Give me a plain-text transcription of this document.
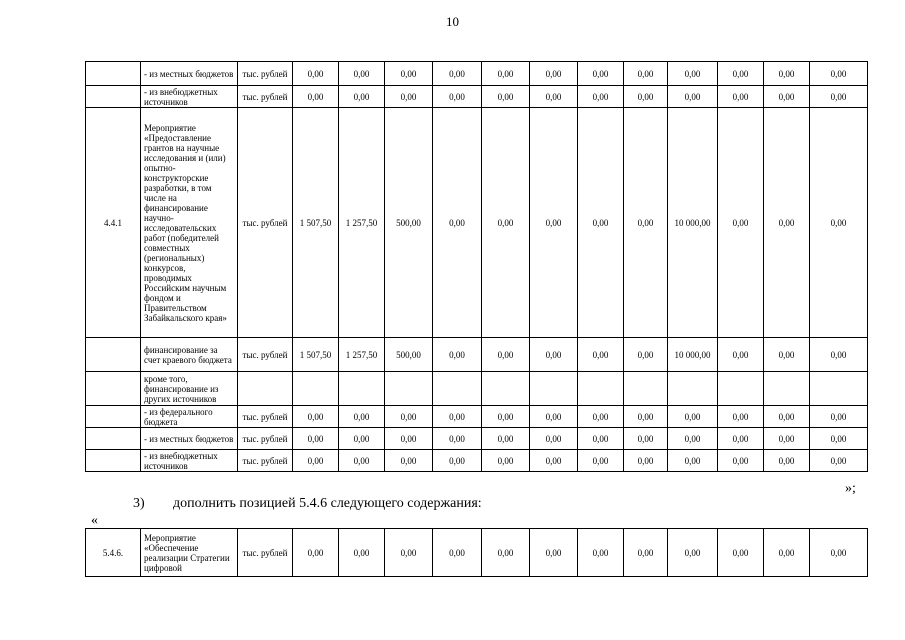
10
	- из местных бюджетов	тыс. рублей	0,00	0,00	0,00	0,00	0,00	0,00	0,00	0,00	0,00	0,00	0,00	0,00
	- из внебюджетных источников	тыс. рублей	0,00	0,00	0,00	0,00	0,00	0,00	0,00	0,00	0,00	0,00	0,00	0,00
4.4.1	Мероприятие «Предоставление грантов на научные исследования и (или) опытно-конструкторские разработки, в том числе на финансирование научно-исследовательских работ (победителей совместных (региональных) конкурсов, проводимых Российским научным фондом и Правительством Забайкальского края»	тыс. рублей	1 507,50	1 257,50	500,00	0,00	0,00	0,00	0,00	0,00	10 000,00	0,00	0,00	0,00
	финансирование за счет краевого бюджета	тыс. рублей	1 507,50	1 257,50	500,00	0,00	0,00	0,00	0,00	0,00	10 000,00	0,00	0,00	0,00
	кроме того, финансирование из других источников													
	- из федерального бюджета	тыс. рублей	0,00	0,00	0,00	0,00	0,00	0,00	0,00	0,00	0,00	0,00	0,00	0,00
	- из местных бюджетов	тыс. рублей	0,00	0,00	0,00	0,00	0,00	0,00	0,00	0,00	0,00	0,00	0,00	0,00
	- из внебюджетных источников	тыс. рублей	0,00	0,00	0,00	0,00	0,00	0,00	0,00	0,00	0,00	0,00	0,00	0,00
»;
3) дополнить позицией 5.4.6 следующего содержания:
«
5.4.6.	Мероприятие «Обеспечение реализации Стратегии цифровой	тыс. рублей	0,00	0,00	0,00	0,00	0,00	0,00	0,00	0,00	0,00	0,00	0,00	0,00
